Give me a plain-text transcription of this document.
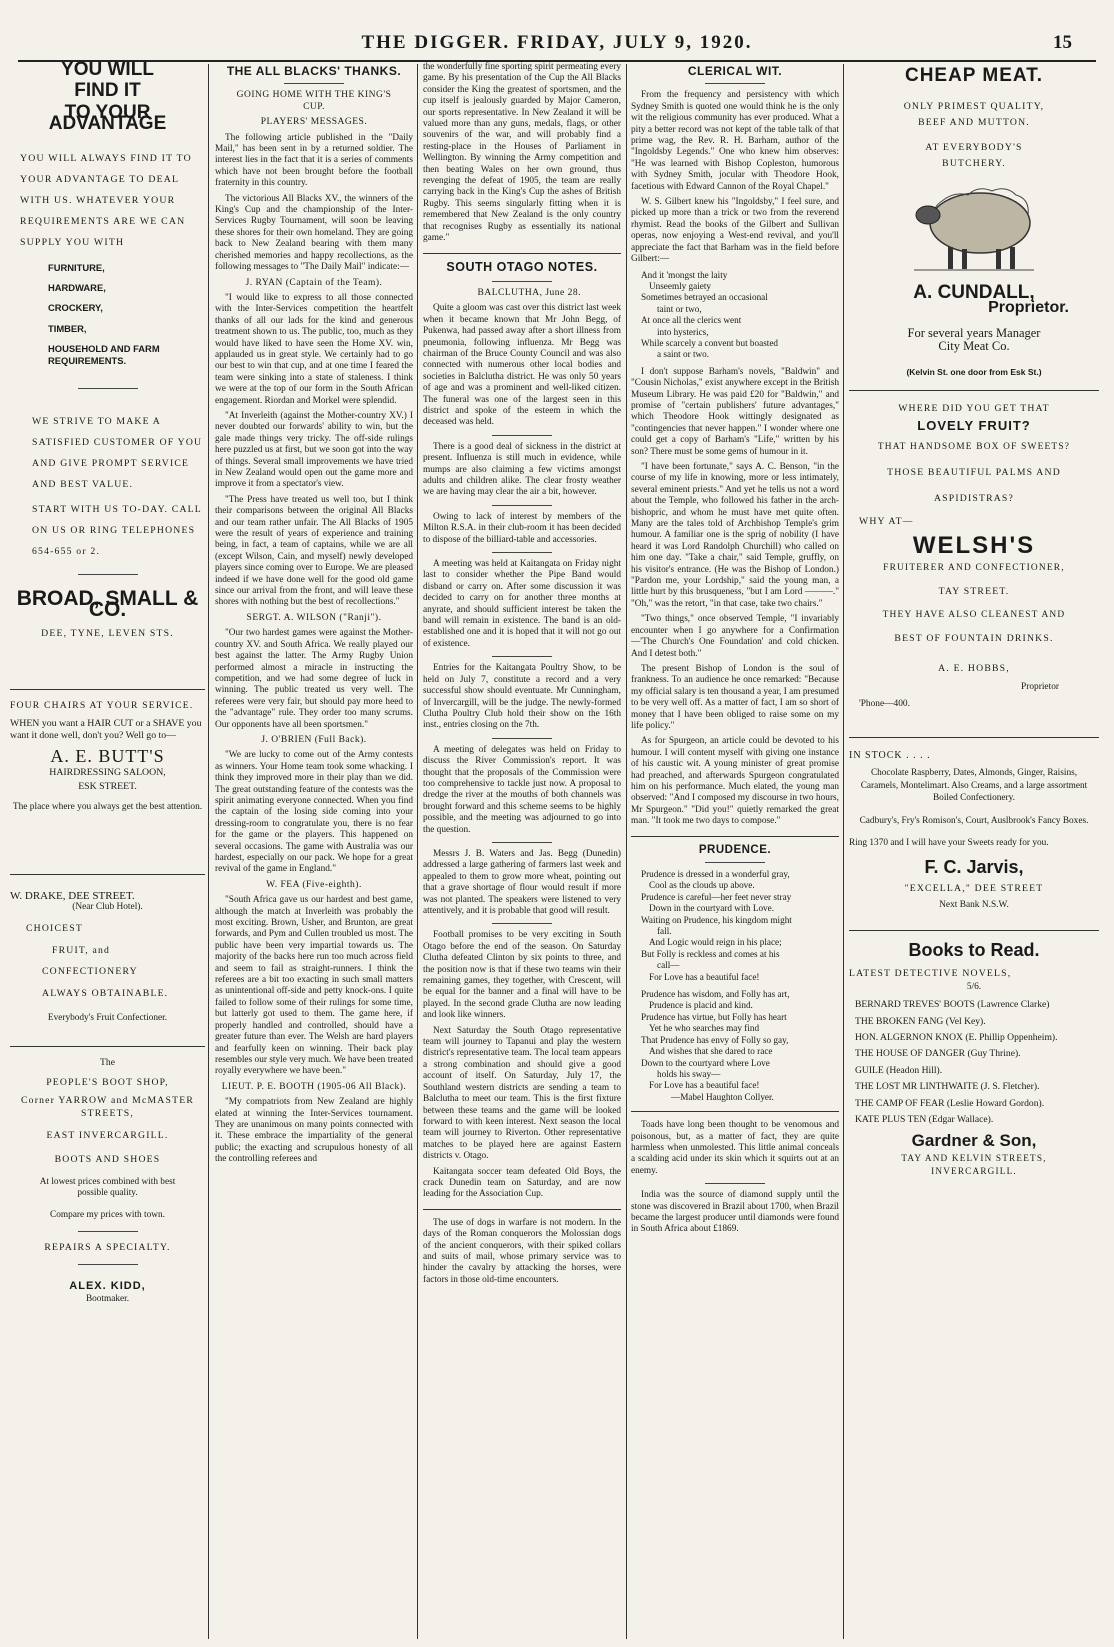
THE DIGGER. FRIDAY, JULY 9, 1920.	15
YOU WILL
FIND IT
TO YOUR ADVANTAGE
YOU WILL ALWAYS FIND IT TO YOUR ADVANTAGE TO DEAL WITH US. WHATEVER YOUR REQUIREMENTS ARE WE CAN SUPPLY YOU WITH
FURNITURE,
HARDWARE,
CROCKERY,
TIMBER,
HOUSEHOLD AND FARM REQUIREMENTS.
WE STRIVE TO MAKE A SATISFIED CUSTOMER OF YOU AND GIVE PROMPT SERVICE AND BEST VALUE.
START WITH US TO-DAY. CALL ON US OR RING TELEPHONES 654-655 or 2.
BROAD, SMALL & CO.
DEE, TYNE, LEVEN STS.
FOUR CHAIRS AT YOUR SERVICE.
WHEN you want a HAIR CUT or a SHAVE you want it done well, don't you? Well go to—
A. E. BUTT'S
HAIRDRESSING SALOON, ESK STREET.
The place where you always get the best attention.
W. DRAKE, DEE STREET.
(Near Club Hotel).
CHOICEST
FRUIT, and
CONFECTIONERY
ALWAYS OBTAINABLE.
Everybody's Fruit Confectioner.
The
PEOPLE'S BOOT SHOP,
Corner YARROW and McMASTER STREETS,
EAST INVERCARGILL.
BOOTS AND SHOES
At lowest prices combined with best possible quality.
Compare my prices with town.
REPAIRS A SPECIALTY.
ALEX. KIDD,
Bootmaker.
THE ALL BLACKS' THANKS.
GOING HOME WITH THE KING'S CUP.
PLAYERS' MESSAGES.

The following article published in the "Daily Mail," has been sent in by a returned soldier. The interest lies in the fact that it is a series of comments which have not been brought before the football fraternity in this country.

The victorious All Blacks XV., the winners of the King's Cup and the championship of the Inter-Services Rugby Tournament, will soon be leaving these shores for their own homeland. They are going back to New Zealand bearing with them many cherished memories and happy recollections, as the following messages to "The Daily Mail" indicate:—

J. RYAN (Captain of the Team).

"I would like to express to all those connected with the Inter-Services competition the heartfelt thanks of all our lads for the kind and generous treatment shown to us. The public, too, much as they would have liked to have seen the Home XV. win, applauded us in great style. We certainly had to go our best to win that cup, and at one time I feared the team were sinking into a state of staleness. I think we were at the top of our form in the South African engagement. Riordan and Morkel were splendid.

"At Inverleith (against the Mother-country XV.) I never doubted our forwards' ability to win, but the gale made things very tricky. The off-side rulings here puzzled us at first, but we soon got into the way of things. Several small improvements we have tried in New Zealand would open out the game more and improve it from a spectator's view.

"The Press have treated us well too, but I think their comparisons between the original All Blacks and our team rather unfair. The All Blacks of 1905 were the result of years of experience and training being, in fact, a team of captains, while we are all (except Wilson, Cain, and myself) newly developed players since coming over to Europe. We are pleased indeed if we have done well for the good old game since our arrival from the front, and will leave these shores with nothing but the best of recollections."

SERGT. A. WILSON ("Ranji").

"Our two hardest games were against the Mother-country XV. and South Africa. We really played our best against the latter. The Army Rugby Union performed almost a miracle in instructing the competition, and we had some degree of luck in winning. The public treated us very well. The referees were very fair, but should pay more heed to the "advantage" rule. They order too many scrums. Our opponents have all been sportsmen."

J. O'BRIEN (Full Back).

"We are lucky to come out of the Army contests as winners. Your Home team took some whacking. I think they improved more in their play than we did. The great outstanding feature of the contests was the spirit animating everyone connected. When you find the captain of the losing side coming into your dressing-room to congratulate you, there is no fear for the game or the players. This happened on several occasions. The game with Australia was our hardest, especially on our pack. We hope for a great revival of the game in England."

W. FEA (Five-eighth).

"South Africa gave us our hardest and best game, although the match at Inverleith was probably the most exciting. Brown, Usher, and Brunton, are great forwards, and Pym and Cullen troubled us most. The public have been very impartial towards us. The majority of the backs here run too much across field and seem to fail as straight-runners. I think the referees are a bit too exacting in such small matters as unintentional off-side and petty knock-ons. I quite failed to follow some of their rulings for some time, but latterly got used to them. The game here, if properly handled and controlled, should have a greater future than ever. The Welsh are hard players and fearfully keen on winning. Their back play resembles our style very much. We have been treated royally everywhere we have been."

LIEUT. P. E. BOOTH (1905-06 All Black).

"My compatriots from New Zealand are highly elated at winning the Inter-Services tournament. They are unanimous on many points connected with it. These embrace the impartiality of the general public; the exacting and scrupulous honesty of all the controlling referees and

the wonderfully fine sporting spirit permeating every game. By his presentation of the Cup the All Blacks consider the King the greatest of sportsmen, and the cup itself is jealously guarded by Major Cameron, our sports representative. In New Zealand it will be valued more than any guns, medals, flags, or other souvenirs of the war, and will probably find a resting-place in the Houses of Parliament in Wellington. By winning the Army competition and then beating Wales on her own ground, thus revenging the defeat of 1905, the team are really carrying back in the King's Cup the ashes of British Rugby. This seems singularly fitting when it is remembered that New Zealand is the only country that recognises Rugby as essentially its national game."

SOUTH OTAGO NOTES.
BALCLUTHA, June 28.

Quite a gloom was cast over this district last week when it became known that Mr John Begg, of Pukenwa, had passed away after a short illness from pneumonia, following influenza. Mr Begg was chairman of the Bruce County Council and was also connected with numerous other local bodies and societies in Balclutha district. He was only 50 years of age and was a prominent and well-liked citizen. The funeral was one of the largest seen in this district and spoke of the esteem in which the deceased was held.

There is a good deal of sickness in the district at present. Influenza is still much in evidence, while mumps are also claiming a few victims amongst adults and children alike. The clear frosty weather we are having may clear the air a bit, however.

Owing to lack of interest by members of the Milton R.S.A. in their club-room it has been decided to dispose of the billiard-table and accessories.

A meeting was held at Kaitangata on Friday night last to consider whether the Pipe Band would disband or carry on. After some discussion it was decided to carry on for another three months at anyrate, and should sufficient interest be taken the band will remain in existence. The band is an old-established one and it is hoped that it will not go out of existence.

Entries for the Kaitangata Poultry Show, to be held on July 7, constitute a record and a very successful show should eventuate. Mr Cunningham, of Invercargill, will be the judge. The newly-formed Clutha Poultry Club hold their show on the 16th inst., entries closing on the 7th.

A meeting of delegates was held on Friday to discuss the River Commission's report. It was thought that the proposals of the Commission were too comprehensive to tackle just now. A proposal to dredge the river at the mouths of both channels was brought forward and this scheme seems to be highly possible, and the meeting was adjourned to go into the question.

Messrs J. B. Waters and Jas. Begg (Dunedin) addressed a large gathering of farmers last week and appealed to them to grow more wheat, pointing out that a grave shortage of flour would result if more was not planted. The speakers were listened to very attentively, and it is probable that good will result.

Football promises to be very exciting in South Otago before the end of the season. On Saturday Clutha defeated Clinton by six points to three, and the position now is that if these two teams win their remaining games, they together, with Crescent, will be equal for the banner and a final will have to be played. In the second grade Clutha are now leading and look like winners.

Next Saturday the South Otago representative team will journey to Tapanui and play the western district's representative team. The local team appears a strong combination and should give a good account of itself. On Saturday, July 17, the Southland western districts are sending a team to Balclutha to meet our team. This is the first fixture between these teams and the game will be looked forward to with keen interest. Next season the local team will journey to Riverton. Other representative matches to be played here are against Eastern districts v. Otago.

Kaitangata soccer team defeated Old Boys, the crack Dunedin team on Saturday, and are now leading for the Association Cup.

The use of dogs in warfare is not modern. In the days of the Roman conquerors the Molossian dogs of the ancient conquerors, with their spiked collars and suits of mail, whose primary service was to hinder the cavalry by attacking the horses, were factors in those old-time encounters.

CLERICAL WIT.

From the frequency and persistency with which Sydney Smith is quoted one would think he is the only wit the religious community has ever produced. What a pity a better record was not kept of the table talk of that prime wag, the Rev. R. H. Barham, author of the "Ingoldsby Legends." One who knew him observes: "He was learned with Bishop Copleston, humorous with Sydney Smith, jocular with Theodore Hook, facetious with Edward Cannon of the Royal Chapel."

W. S. Gilbert knew his "Ingoldsby," I feel sure, and picked up more than a trick or two from the reverend rhymist. Read the books of the Gilbert and Sullivan operas, now enjoying a West-end revival, and you'll appreciate the fact that Barham was in the field before Gilbert:—

And it 'mongst the laity
Unseemly gaiety
Sometimes betrayed an occasional
taint or two,
At once all the clerics went
into hysterics,
While scarcely a convent but boasted
a saint or two.

I don't suppose Barham's novels, "Baldwin" and "Cousin Nicholas," exist anywhere except in the British Museum Library. He was paid £20 for "Baldwin," and promise of "certain publishers' future advantages," which Theodore Hook wittingly designated as "contingencies that never happen." I wonder where one could get a copy of Barham's "Life," written by his son? There must be some gems of humour in it.

"I have been fortunate," says A. C. Benson, "in the course of my life in knowing, more or less intimately, several eminent priests." And yet he tells us not a word about the Temple, who followed his father in the arch-bishopric, and whom he must have met quite often. Many are the tales told of Archbishop Temple's grim humour. A familiar one is the sprig of nobility (I have heard it was Lord Randolph Churchill) who called on him one day. "Take a chair," said Temple, gruffly, on his visitor's entrance. (He was the Bishop of London.) "Pardon me, your Lordship," said the young man, a little hurt by this brusqueness, "but I am Lord ———." "Oh," was the retort, "in that case, take two chairs."

"Two things," once observed Temple, "I invariably encounter when I go anywhere for a Confirmation—'The Church's One Foundation' and cold chicken. And I detest both."

The present Bishop of London is the soul of frankness. To an audience he once remarked: "Because my official salary is ten thousand a year, I am presumed to be very well off. As a matter of fact, I am so short of money that I have been obliged to raise some on my life policy."

As for Spurgeon, an article could be devoted to his humour. I will content myself with giving one instance of his caustic wit. A young minister of great promise had preached, and afterwards Spurgeon congratulated him on his performance. Much elated, the young man observed: "And I composed my discourse in two hours, Mr Spurgeon." "Did you!" quietly remarked the great man. "It took me two days to compose."

PRUDENCE.
Prudence is dressed in a wonderful gray,
Cool as the clouds up above.
Prudence is careful—her feet never stray
Down in the courtyard with Love.
Waiting on Prudence, his kingdom might
fall.
And Logic would reign in his place;
But Folly is reckless and comes at his
call—
For Love has a beautiful face!
Prudence has wisdom, and Folly has art,
Prudence is placid and kind.
Prudence has virtue, but Folly has heart
Yet he who searches may find
That Prudence has envy of Folly so gay,
And wishes that she dared to race
Down to the courtyard where Love
holds his sway—
For Love has a beautiful face!
—Mabel Haughton Collyer.

Toads have long been thought to be venomous and poisonous, but, as a matter of fact, they are quite harmless when unmolested. This little animal conceals a scalding acid under its skin which it squirts out at an enemy.

India was the source of diamond supply until the stone was discovered in Brazil about 1700, when Brazil became the largest producer until diamonds were found in South Africa about £1869.

CHEAP MEAT.
ONLY PRIMEST QUALITY,
BEEF AND MUTTON.
AT EVERYBODY'S
BUTCHERY.
A. CUNDALL,
Proprietor.
For several years Manager
City Meat Co.
(Kelvin St. one door from Esk St.)
WHERE DID YOU GET THAT
LOVELY FRUIT?
THAT HANDSOME BOX OF SWEETS?
THOSE BEAUTIFUL PALMS AND
ASPIDISTRAS?
WHY AT—
WELSH'S
FRUITERER AND CONFECTIONER,
TAY STREET.
THEY HAVE ALSO CLEANEST AND
BEST OF FOUNTAIN DRINKS.
A. E. HOBBS,
Proprietor
'Phone—400.
IN STOCK . . . .
Chocolate Raspberry, Dates, Almonds, Ginger, Raisins, Caramels, Montelimart. Also Creams, and a large assortment Boiled Confectionery.
Cadbury's, Fry's Romison's, Court, Auslbrook's Fancy Boxes.
Ring 1370 and I will have your Sweets ready for you.
F. C. Jarvis,
"EXCELLA," DEE STREET
Next Bank N.S.W.
Books to Read.
LATEST DETECTIVE NOVELS,
5/6.
BERNARD TREVES' BOOTS (Lawrence Clarke)
THE BROKEN FANG (Vel Key).
HON. ALGERNON KNOX (E. Phillip Oppenheim).
THE HOUSE OF DANGER (Guy Thrine).
GUILE (Headon Hill).
THE LOST MR LINTHWAITE (J. S. Fletcher).
THE CAMP OF FEAR (Leslie Howard Gordon).
KATE PLUS TEN (Edgar Wallace).
Gardner & Son,
TAY AND KELVIN STREETS,
INVERCARGILL.
